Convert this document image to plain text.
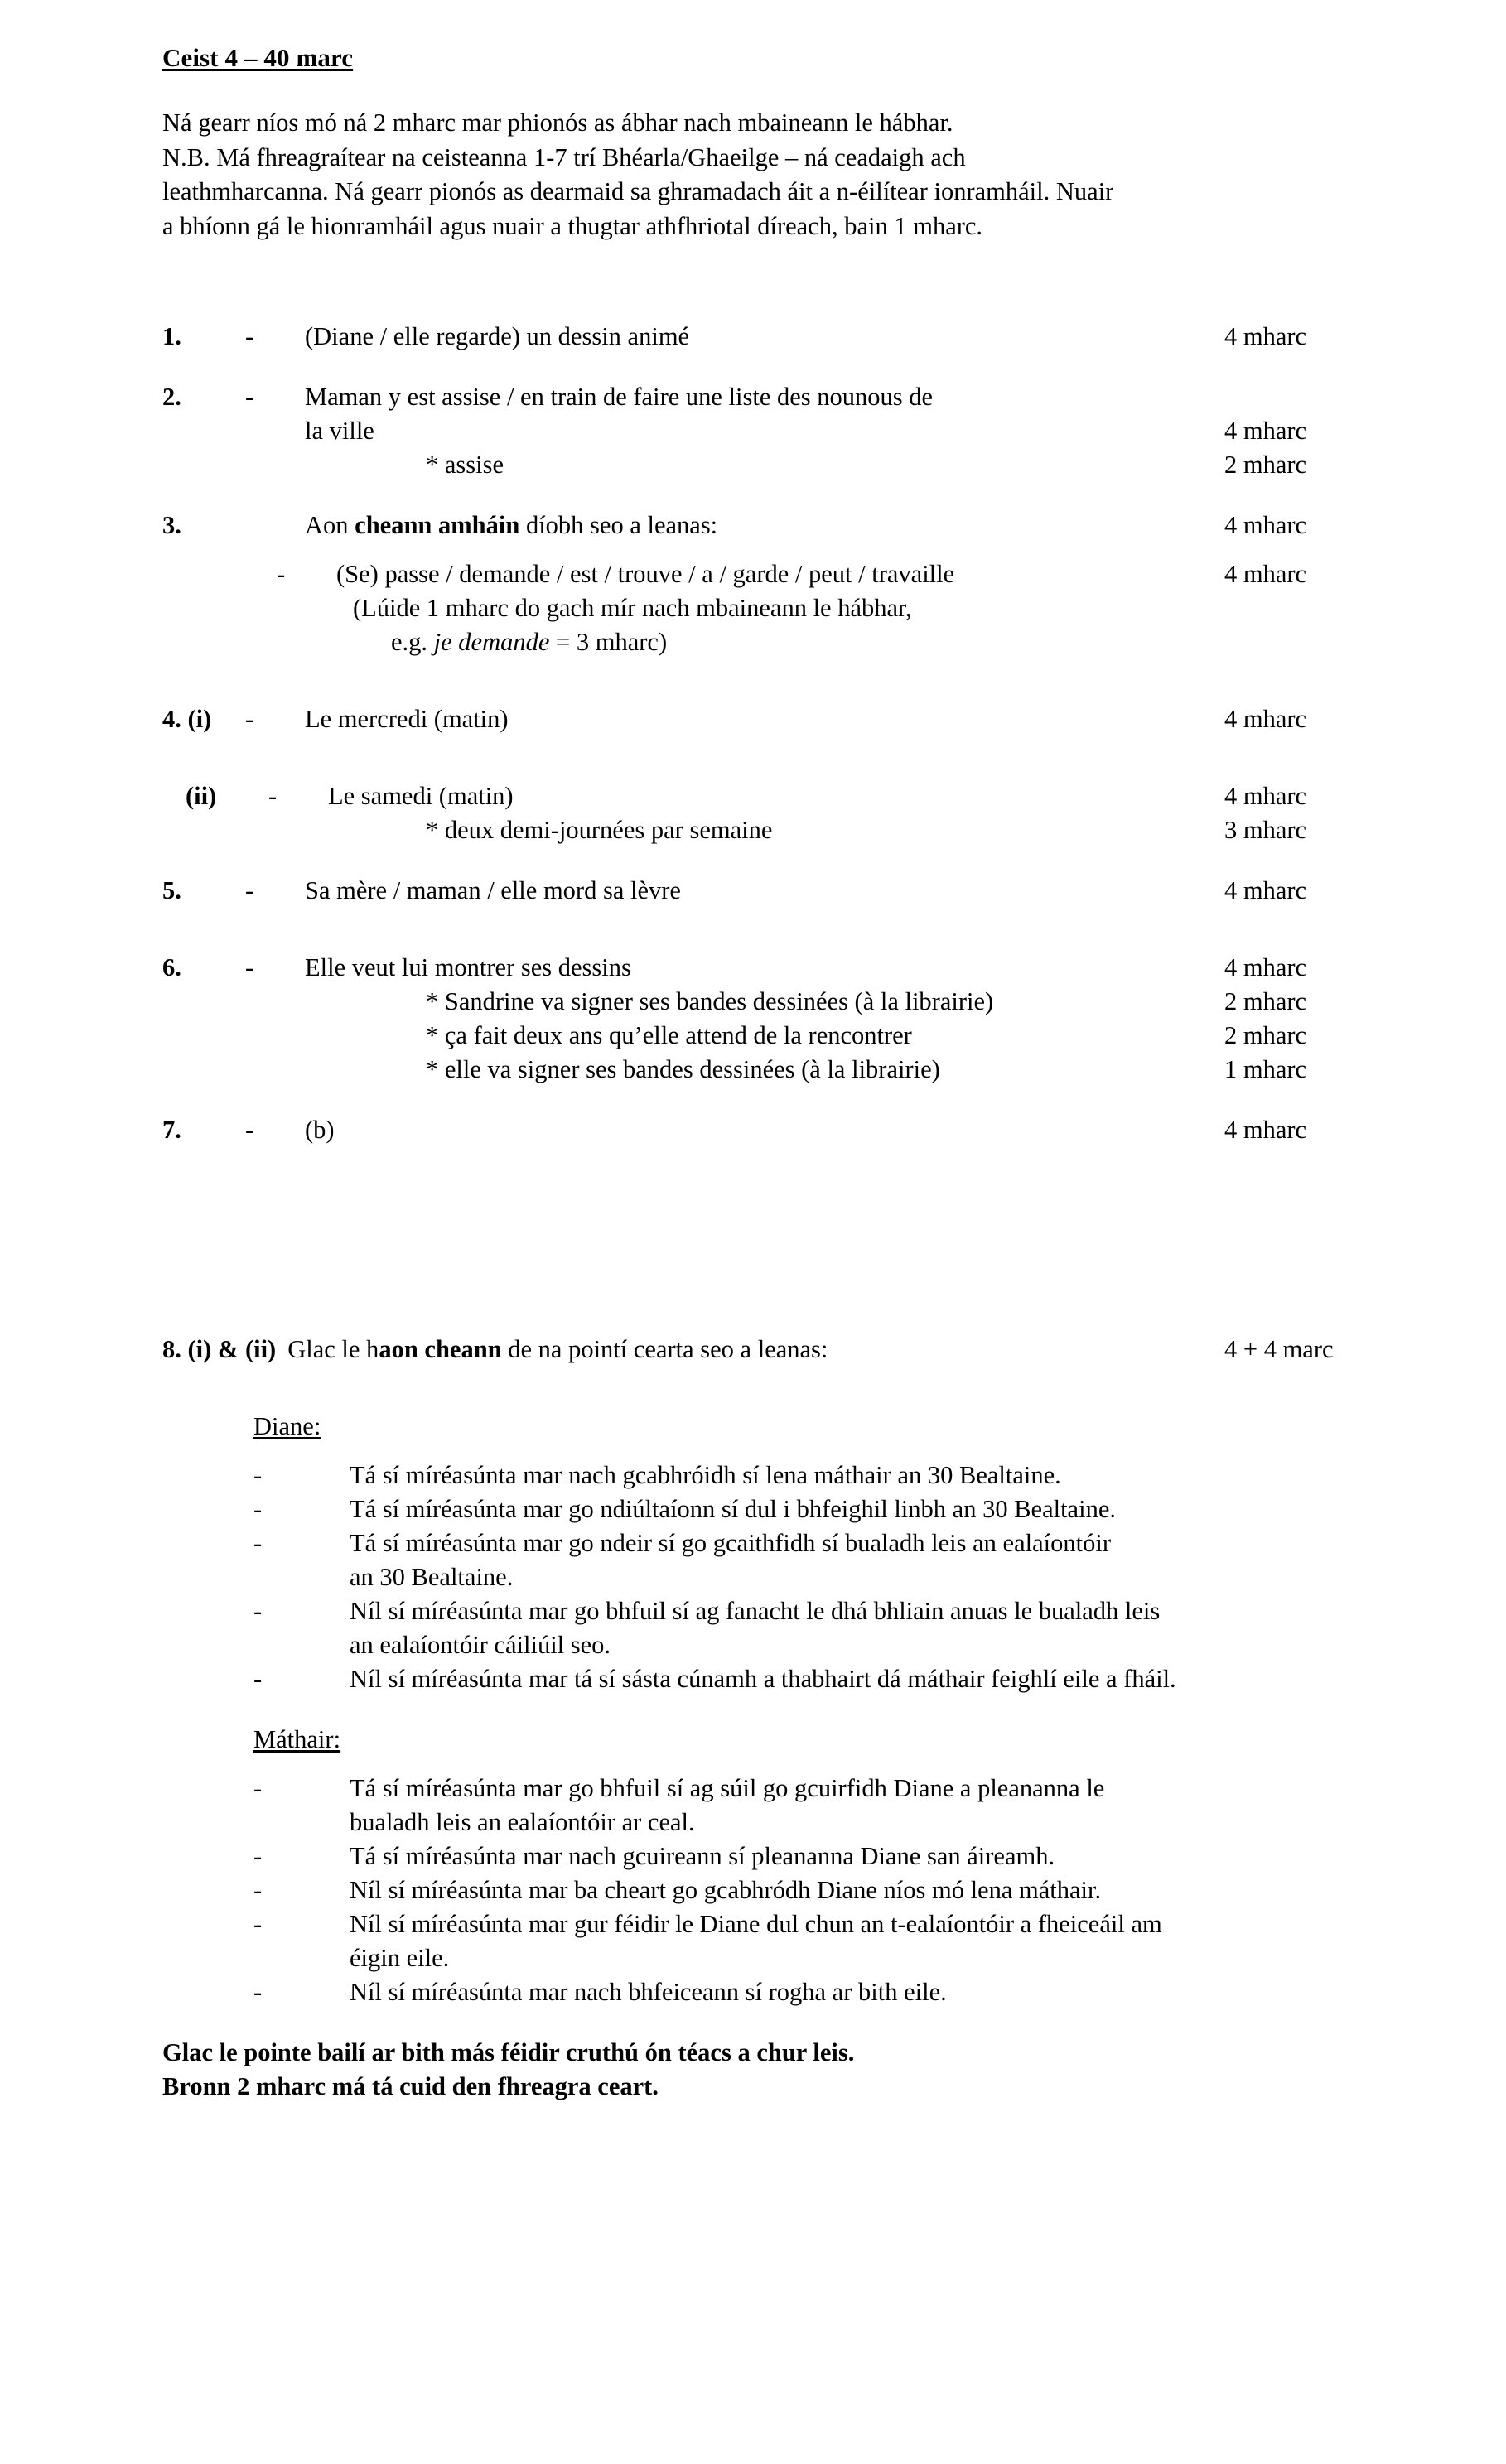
Ceist 4 – 40 marc
Ná gearr níos mó ná 2 mharc mar phionós as ábhar nach mbaineann le hábhar.
N.B. Má fhreagraítear na ceisteanna 1-7 trí Bhéarla/Ghaeilge – ná ceadaigh ach
leathmharcanna. Ná gearr pionós as dearmaid sa ghramadach áit a n-éilítear ionramháil. Nuair
a bhíonn gá le hionramháil agus nuair a thugtar athfhriotal díreach, bain 1 mharc.
1.	-	(Diane / elle regarde) un dessin animé	4 mharc
2.	-	Maman y est assise / en train de faire une liste des nounous de
la ville	4 mharc
* assise	2 mharc
3.	Aon cheann amháin díobh seo a leanas:	4 mharc
-	(Se) passe / demande / est / trouve / a / garde / peut / travaille	4 mharc
(Lúide 1 mharc do gach mír nach mbaineann le hábhar,
e.g. je demande = 3 mharc)
4. (i)	-	Le mercredi (matin)	4 mharc
(ii)	-	Le samedi (matin)	4 mharc
* deux demi-journées par semaine	3 mharc
5.	-	Sa mère / maman / elle mord sa lèvre	4 mharc
6.	-	Elle veut lui montrer ses dessins	4 mharc
* Sandrine va signer ses bandes dessinées (à la librairie)	2 mharc
* ça fait deux ans qu’elle attend de la rencontrer	2 mharc
* elle va signer ses bandes dessinées (à la librairie)	1 mharc
7.	-	(b)	4 mharc
8. (i) & (ii) Glac le haon cheann de na pointí cearta seo a leanas:	4 + 4 marc
Diane:
-	Tá sí míréasúnta mar nach gcabhróidh sí lena máthair an 30 Bealtaine.
-	Tá sí míréasúnta mar go ndiúltaíonn sí dul i bhfeighil linbh an 30 Bealtaine.
-	Tá sí míréasúnta mar go ndeir sí go gcaithfidh sí bualadh leis an ealaíontóir
an 30 Bealtaine.
-	Níl sí míréasúnta mar go bhfuil sí ag fanacht le dhá bhliain anuas le bualadh leis
an ealaíontóir cáiliúil seo.
-	Níl sí míréasúnta mar tá sí sásta cúnamh a thabhairt dá máthair feighlí eile a fháil.
Máthair:
-	Tá sí míréasúnta mar go bhfuil sí ag súil go gcuirfidh Diane a pleananna le
bualadh leis an ealaíontóir ar ceal.
-	Tá sí míréasúnta mar nach gcuireann sí pleananna Diane san áireamh.
-	Níl sí míréasúnta mar ba cheart go gcabhródh Diane níos mó lena máthair.
-	Níl sí míréasúnta mar gur féidir le Diane dul chun an t-ealaíontóir a fheiceáil am
éigin eile.
-	Níl sí míréasúnta mar nach bhfeiceann sí rogha ar bith eile.
Glac le pointe bailí ar bith más féidir cruthú ón téacs a chur leis.
Bronn 2 mharc má tá cuid den fhreagra ceart.
